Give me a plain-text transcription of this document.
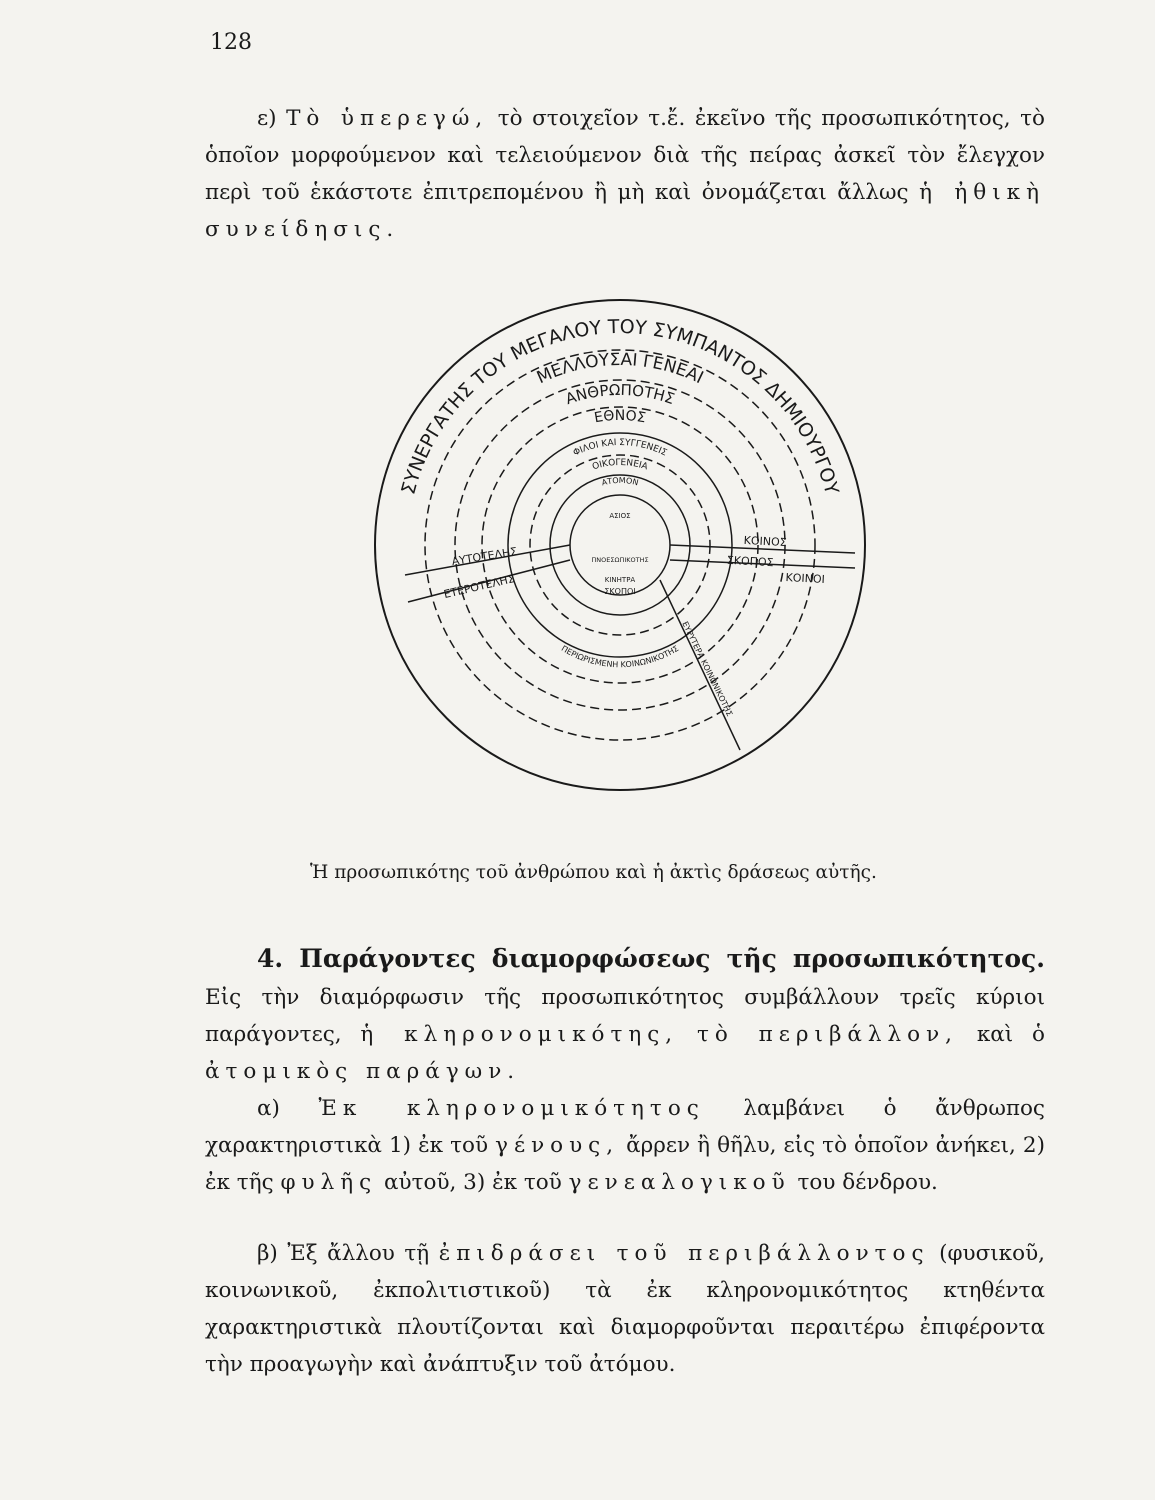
128
ε) Τὸ ὑπερεγώ, τὸ στοιχεῖον τ.ἔ. ἐκεῖνο τῆς προσωπικότητος, τὸ ὁποῖον μορφούμενον καὶ τελειούμενον διὰ τῆς πείρας ἀσκεῖ τὸν ἔλεγχον περὶ τοῦ ἑκάστοτε ἐπιτρεπομένου ἢ μὴ καὶ ὀνομάζεται ἄλλως ἡ ἠθικὴ συνείδησις.
ΣΥΝΕΡΓΑΤΗΣ ΤΟΥ ΜΕΓΑΛΟΥ ΤΟΥ ΣΥΜΠΑΝΤΟΣ ΔΗΜΙΟΥΡΓΟΥ
ΜΕΛΛΟΥΣΑΙ ΓΕΝΕΑΙ
ΑΝΘΡΩΠΟΤΗΣ
ΕΘΝΟΣ
ΦΙΛΟΙ ΚΑΙ ΣΥΓΓΕΝΕΙΣ
ΟΙΚΟΓΕΝΕΙΑ
ΑΤΟΜΟΝ
ΠΕΡΙΩΡΙΣΜΕΝΗ ΚΟΙΝΩΝΙΚΟΤΗΣ
ΑΣΙΟΣ
ΠΝΟΕΣΩΠΙΚΟΤΗΣ
ΚΙΝΗΤΡΑ
ΣΚΟΠΟΙ
ΑΥΤΟΤΕΛΗΣ
ΕΤΕΡΟΤΕΛΗΣ
ΚΟΙΝΟΣ
ΣΚΟΠΟΣ
ΚΟΙΝΟΙ
ΕΥΡΥΤΕΡΑ ΚΟΙΝΩΝΙΚΟΤΗΣ
Ἡ προσωπικότης τοῦ ἀνθρώπου καὶ ἡ ἀκτὶς δράσεως αὐτῆς.
4. Παράγοντες διαμορφώσεως τῆς προσωπικότητος. Εἰς τὴν διαμόρφωσιν τῆς προσωπικότητος συμβάλλουν τρεῖς κύριοι παράγοντες, ἡ κληρονομικότης, τὸ περιβάλλον, καὶ ὁ ἀτομικὸς παράγων.
α) Ἐκ κληρονομικότητος λαμβάνει ὁ ἄνθρωπος χαρακτηριστικὰ 1) ἐκ τοῦ γένους, ἄρρεν ἢ θῆλυ, εἰς τὸ ὁποῖον ἀνήκει, 2) ἐκ τῆς φυλῆς αὐτοῦ, 3) ἐκ τοῦ γενεαλογικοῦ του δένδρου.
β) Ἐξ ἄλλου τῇ ἐπιδράσει τοῦ περιβάλλοντος (φυσικοῦ, κοινωνικοῦ, ἐκπολιτιστικοῦ) τὰ ἐκ κληρονομικότητος κτηθέντα χαρακτηριστικὰ πλουτίζονται καὶ διαμορφοῦνται περαιτέρω ἐπιφέροντα τὴν προαγωγὴν καὶ ἀνάπτυξιν τοῦ ἀτόμου.
